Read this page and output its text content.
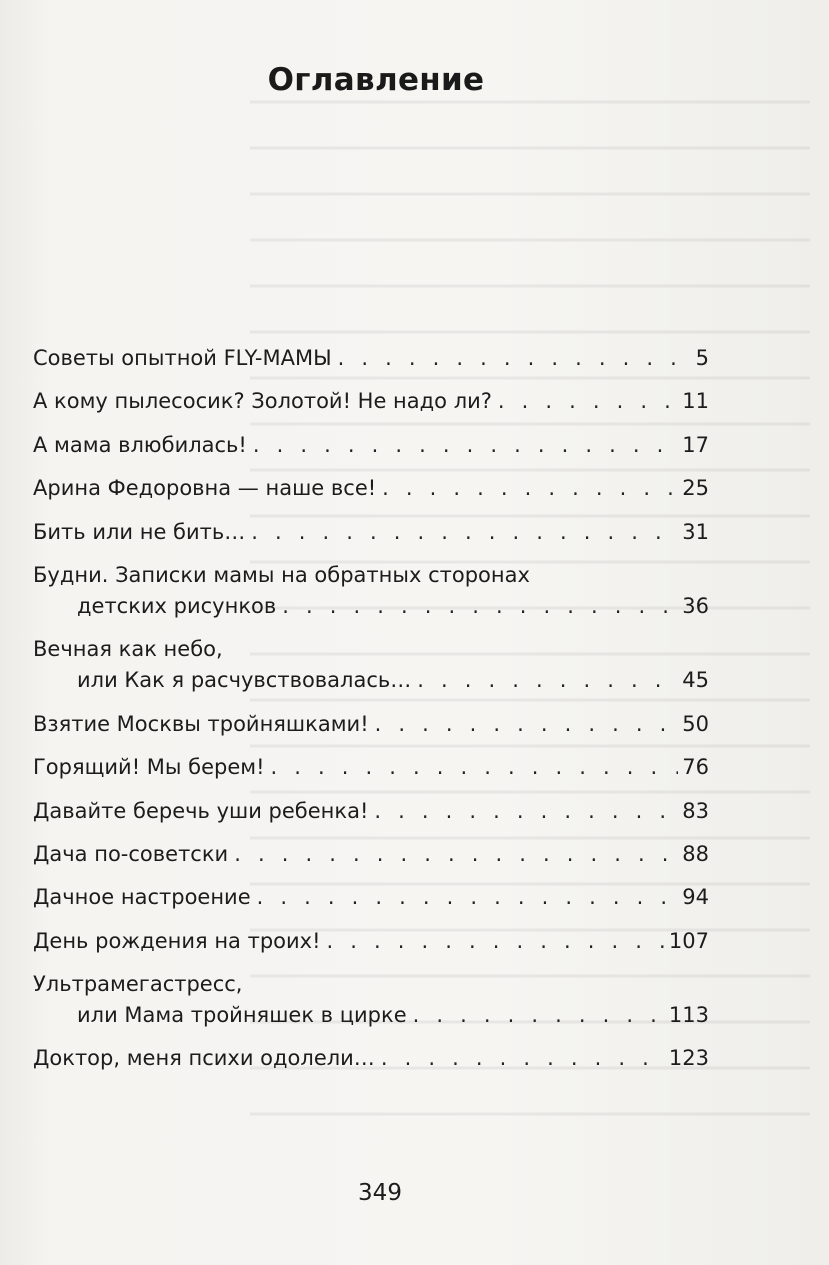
Оглавление
Советы опытной FLY-МАМЫ . . .	5
А кому пылесосик? Золотой! Не надо ли? . . .	11
А мама влюбилась! . . .	17
Арина Федоровна — наше все! . . .	25
Бить или не бить… . . .	31
Будни. Записки мамы на обратных сторонах
детских рисунков . . .	36
Вечная как небо,
или Как я расчувствовалась… . . .	45
Взятие Москвы тройняшками! . . .	50
Горящий! Мы берем! . . .	76
Давайте беречь уши ребенка! . . .	83
Дача по-советски . . .	88
Дачное настроение . . .	94
День рождения на троих! . . .	107
Ультрамегастресс,
или Мама тройняшек в цирке . . .	113
Доктор, меня психи одолели… . . .	123
349
